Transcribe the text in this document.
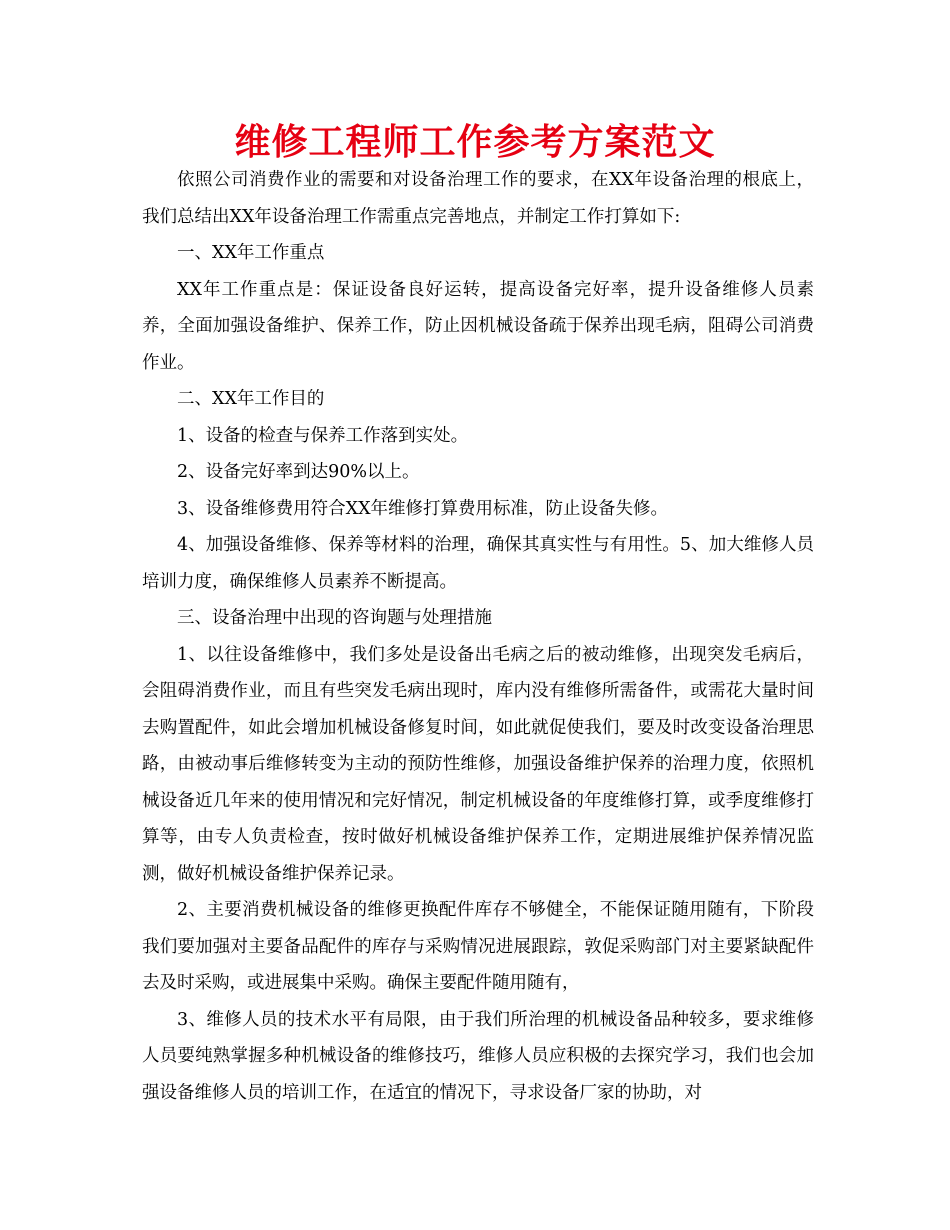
维修工程师工作参考方案范文

依照公司消费作业的需要和对设备治理工作的要求，在XX年设备治理的根底上，我们总结出XX年设备治理工作需重点完善地点，并制定工作打算如下:

一、XX年工作重点

XX年工作重点是：保证设备良好运转，提高设备完好率，提升设备维修人员素养，全面加强设备维护、保养工作，防止因机械设备疏于保养出现毛病，阻碍公司消费作业。

二、XX年工作目的

1、设备的检查与保养工作落到实处。

2、设备完好率到达90%以上。

3、设备维修费用符合XX年维修打算费用标准，防止设备失修。

4、加强设备维修、保养等材料的治理，确保其真实性与有用性。5、加大维修人员培训力度，确保维修人员素养不断提高。

三、设备治理中出现的咨询题与处理措施

1、以往设备维修中，我们多处是设备出毛病之后的被动维修，出现突发毛病后，会阻碍消费作业，而且有些突发毛病出现时，库内没有维修所需备件，或需花大量时间去购置配件，如此会增加机械设备修复时间，如此就促使我们，要及时改变设备治理思路，由被动事后维修转变为主动的预防性维修，加强设备维护保养的治理力度，依照机械设备近几年来的使用情况和完好情况，制定机械设备的年度维修打算，或季度维修打算等，由专人负责检查，按时做好机械设备维护保养工作，定期进展维护保养情况监测，做好机械设备维护保养记录。

2、主要消费机械设备的维修更换配件库存不够健全，不能保证随用随有，下阶段我们要加强对主要备品配件的库存与采购情况进展跟踪，敦促采购部门对主要紧缺配件去及时采购，或进展集中采购。确保主要配件随用随有，

3、维修人员的技术水平有局限，由于我们所治理的机械设备品种较多，要求维修人员要纯熟掌握多种机械设备的维修技巧，维修人员应积极的去探究学习，我们也会加强设备维修人员的培训工作，在适宜的情况下，寻求设备厂家的协助，对
